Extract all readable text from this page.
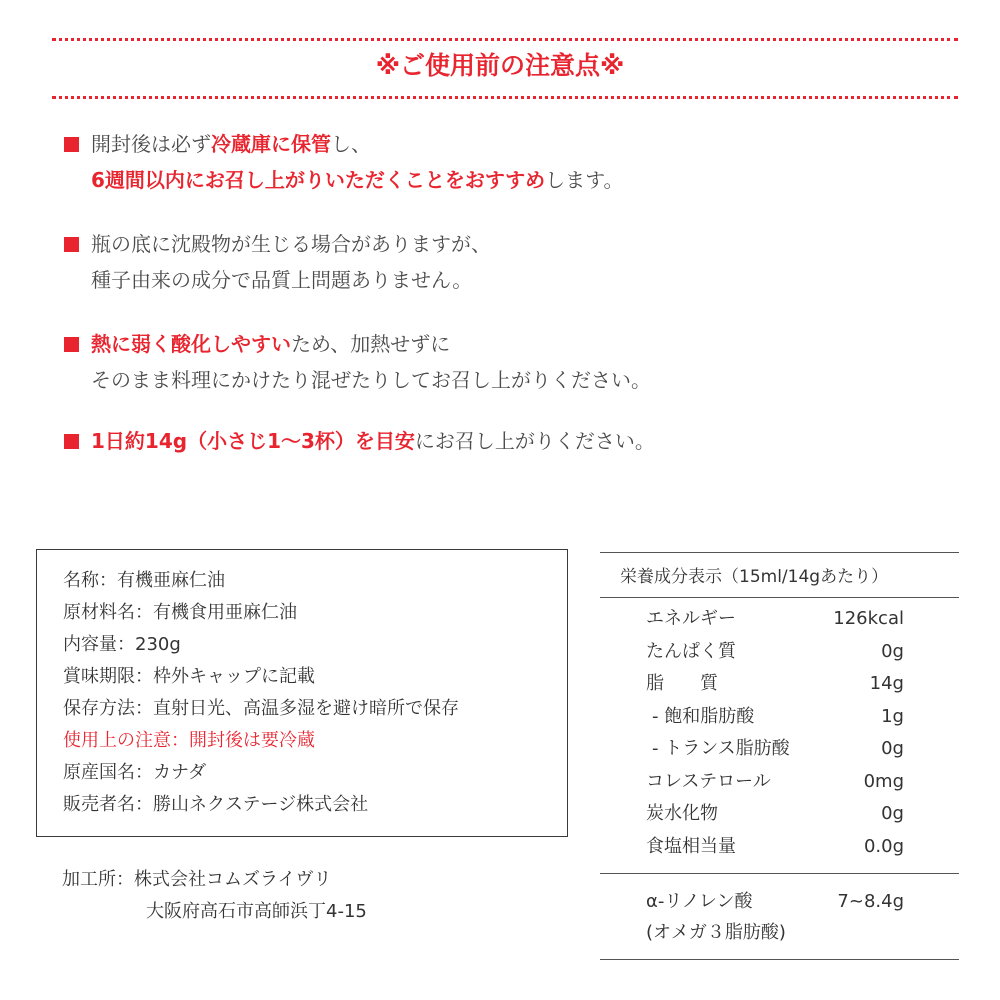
※ご使用前の注意点※
開封後は必ず冷蔵庫に保管し、
6週間以内にお召し上がりいただくことをおすすめします。
瓶の底に沈殿物が生じる場合がありますが、
種子由来の成分で品質上問題ありません。
熱に弱く酸化しやすいため、加熱せずに
そのまま料理にかけたり混ぜたりしてお召し上がりください。
1日約14g（小さじ1～3杯）を目安にお召し上がりください。
名称：有機亜麻仁油
原材料名：有機食用亜麻仁油
内容量：230g
賞味期限：枠外キャップに記載
保存方法：直射日光、高温多湿を避け暗所で保存
使用上の注意：開封後は要冷蔵
原産国名：カナダ
販売者名：勝山ネクステージ株式会社
加工所：株式会社コムズライヴリ
大阪府高石市高師浜丁4-15
栄養成分表示（15ml/14gあたり）
エネルギー	126kcal
たんぱく質	0g
脂　　質	14g
- 飽和脂肪酸	1g
- トランス脂肪酸	0g
コレステロール	0mg
炭水化物	0g
食塩相当量	0.0g
α-リノレン酸	7~8.4g
(オメガ３脂肪酸)
